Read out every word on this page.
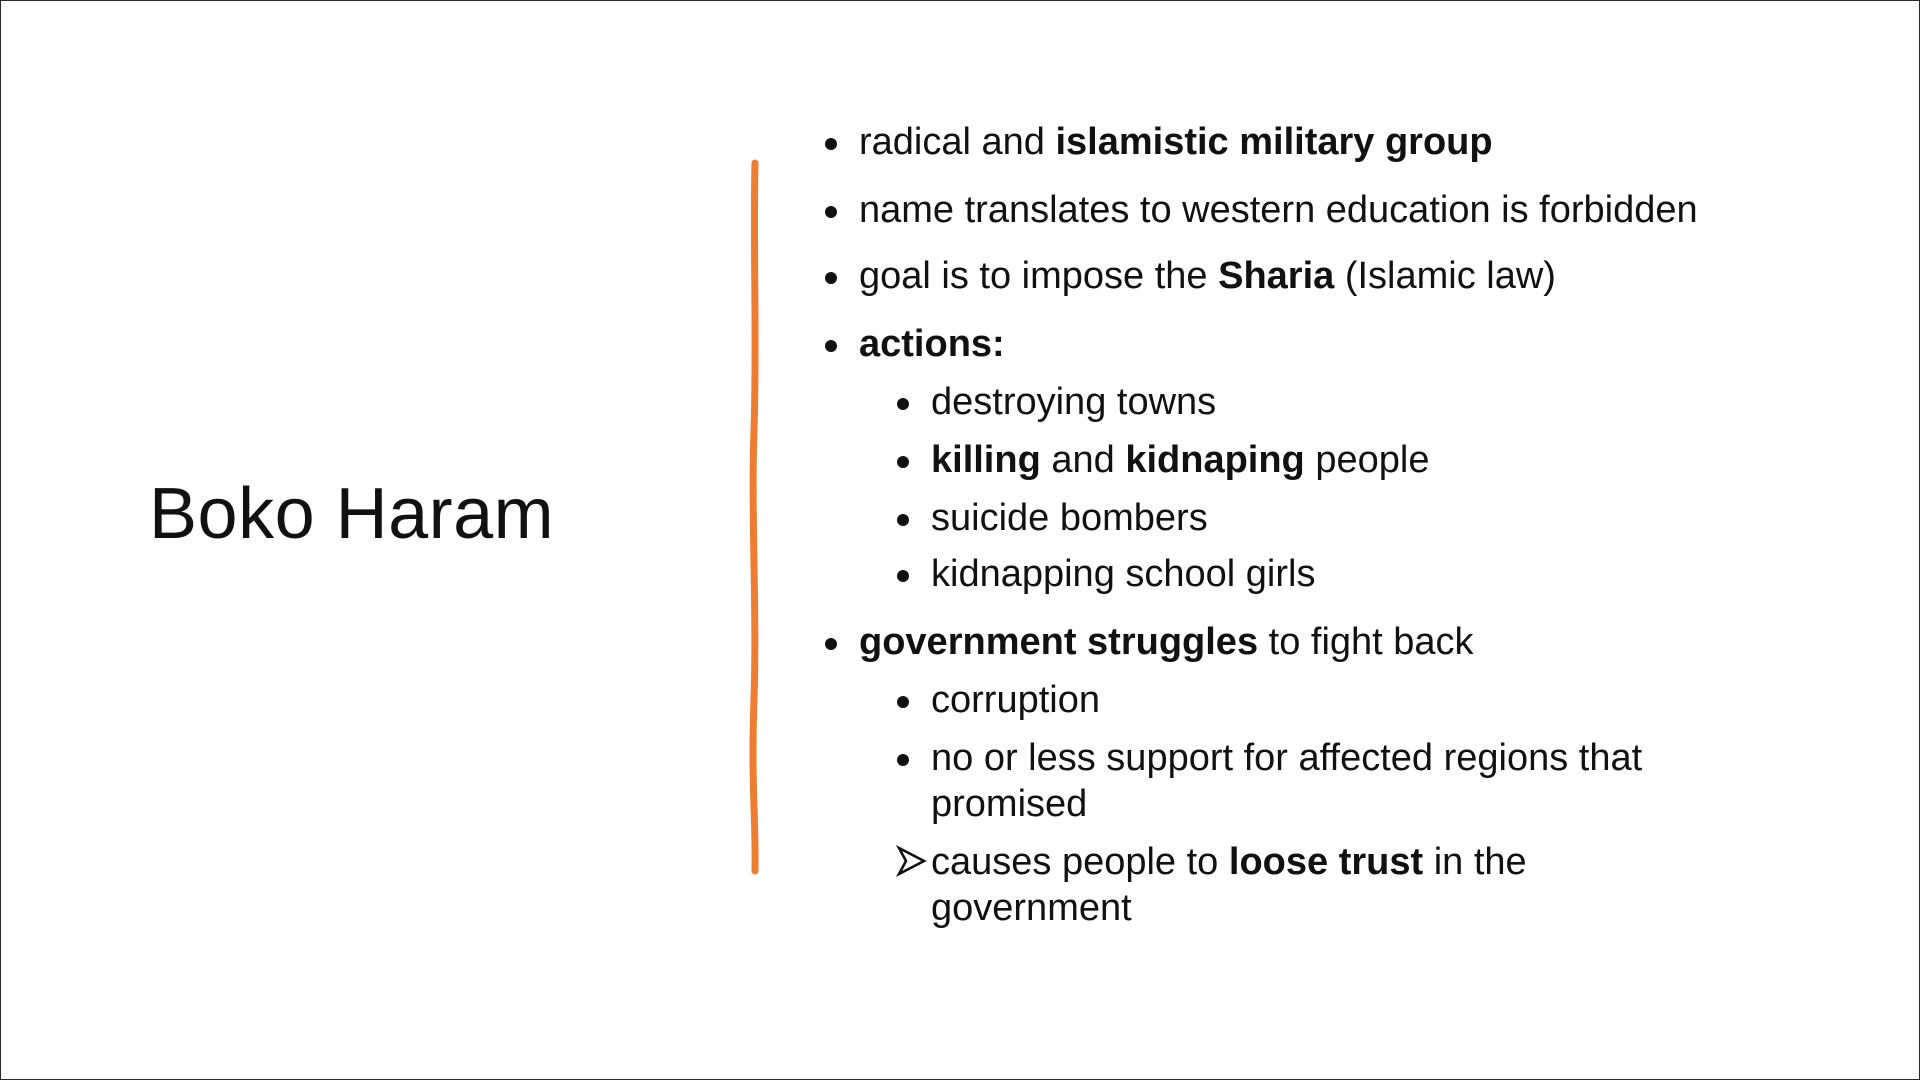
Boko Haram
radical and islamistic military group
name translates to western education is forbidden
goal is to impose the Sharia (Islamic law)
actions:
destroying towns
killing and kidnaping people
suicide bombers
kidnapping school girls
government struggles to fight back
corruption
no or less support for affected regions that
promised
causes people to loose trust in the
government
